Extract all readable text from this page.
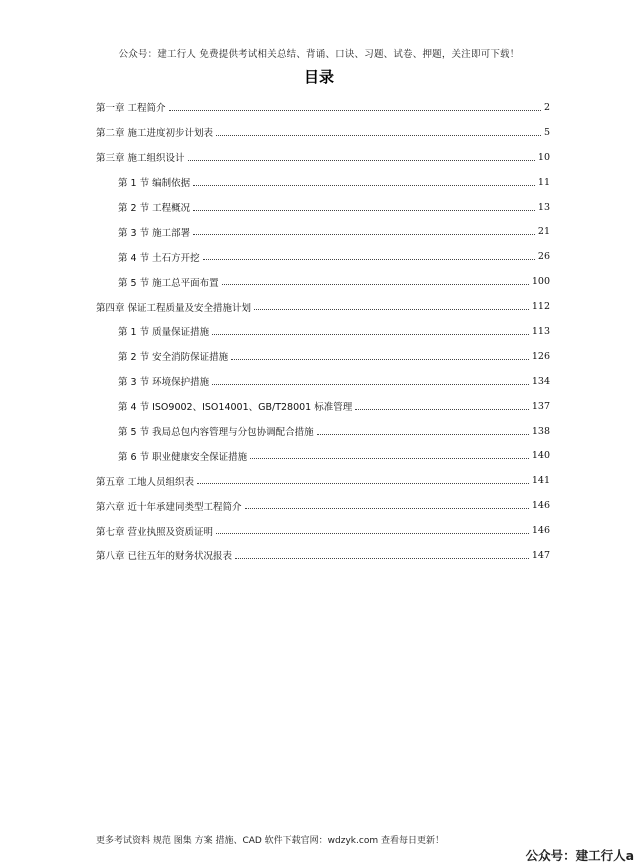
公众号：建工行人 免费提供考试相关总结、背诵、口诀、习题、试卷、押题，关注即可下载！
目录
第一章 工程简介	2
第二章 施工进度初步计划表	5
第三章 施工组织设计	10
第 1 节 编制依据	11
第 2 节 工程概况	13
第 3 节 施工部署	21
第 4 节 土石方开挖	26
第 5 节 施工总平面布置	100
第四章 保证工程质量及安全措施计划	112
第 1 节 质量保证措施	113
第 2 节 安全消防保证措施	126
第 3 节 环境保护措施	134
第 4 节 ISO9002、ISO14001、GB/T28001 标准管理	137
第 5 节 我局总包内容管理与分包协调配合措施	138
第 6 节 职业健康安全保证措施	140
第五章 工地人员组织表	141
第六章 近十年承建同类型工程简介	146
第七章 营业执照及资质证明	146
第八章 已往五年的财务状况报表	147
更多考试资料 规范 图集 方案 措施、CAD 软件下载官网：wdzyk.com 查看每日更新！
公众号：建工行人a
